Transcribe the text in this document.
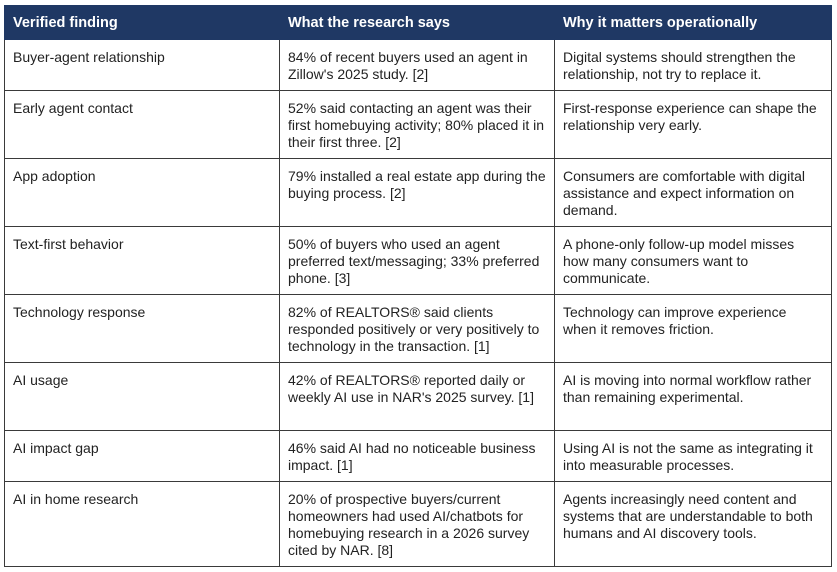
Verified finding	What the research says	Why it matters operationally
Buyer-agent relationship	84% of recent buyers used an agent in Zillow's 2025 study. [2]	Digital systems should strengthen the relationship, not try to replace it.
Early agent contact	52% said contacting an agent was their first homebuying activity; 80% placed it in their first three. [2]	First-response experience can shape the relationship very early.
App adoption	79% installed a real estate app during the buying process. [2]	Consumers are comfortable with digital assistance and expect information on demand.
Text-first behavior	50% of buyers who used an agent preferred text/messaging; 33% preferred phone. [3]	A phone-only follow-up model misses how many consumers want to communicate.
Technology response	82% of REALTORS® said clients responded positively or very positively to technology in the transaction. [1]	Technology can improve experience when it removes friction.
AI usage	42% of REALTORS® reported daily or weekly AI use in NAR's 2025 survey. [1]	AI is moving into normal workflow rather than remaining experimental.
AI impact gap	46% said AI had no noticeable business impact. [1]	Using AI is not the same as integrating it into measurable processes.
AI in home research	20% of prospective buyers/current homeowners had used AI/chatbots for homebuying research in a 2026 survey cited by NAR. [8]	Agents increasingly need content and systems that are understandable to both humans and AI discovery tools.
